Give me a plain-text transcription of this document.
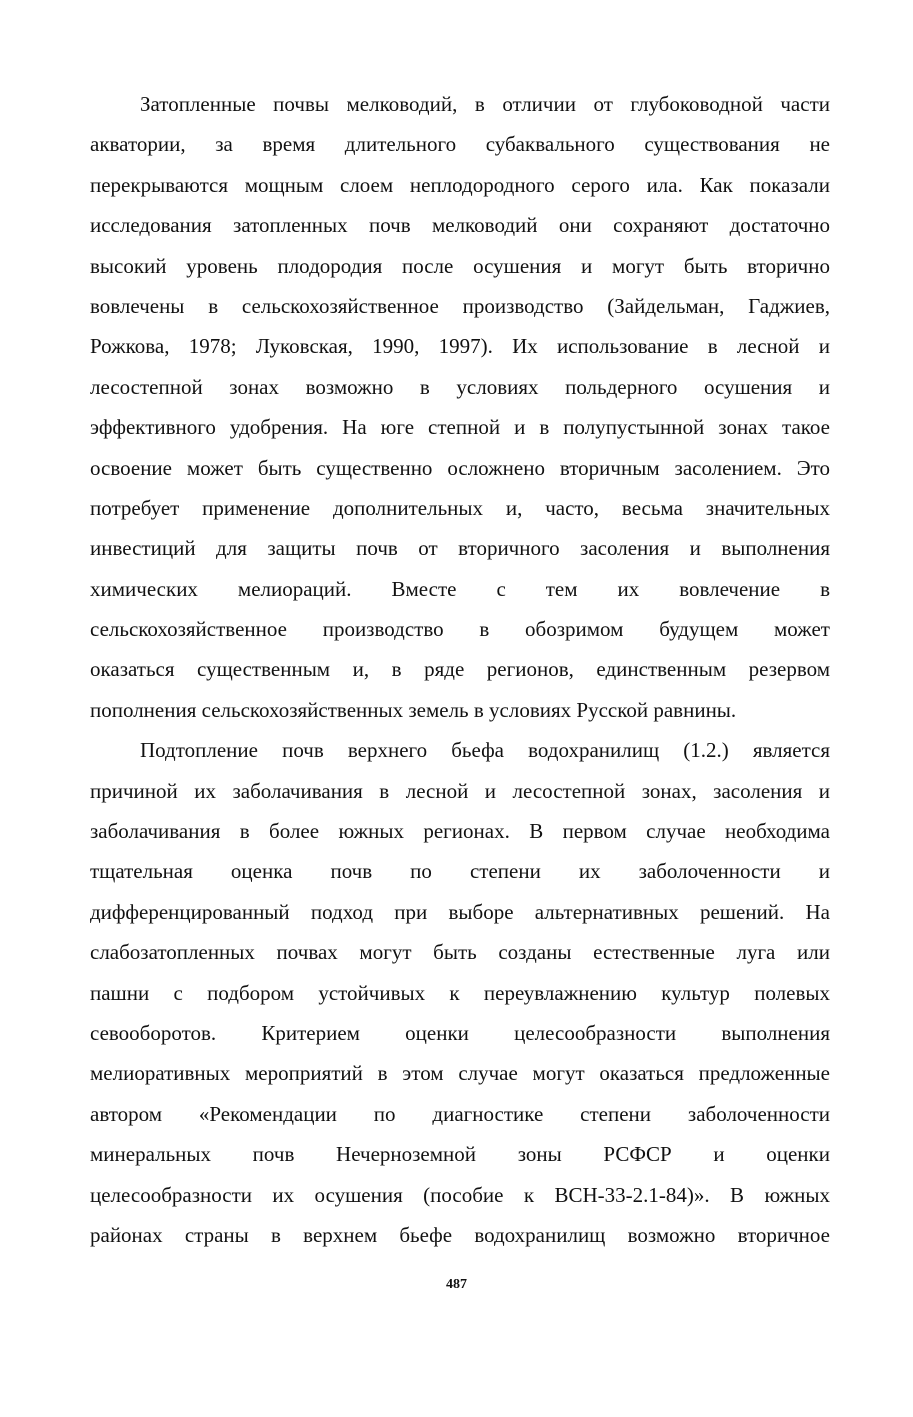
Затопленные почвы мелководий, в отличии от глубоководной части
акватории, за время длительного субаквального существования не
перекрываются мощным слоем неплодородного серого ила. Как показали
исследования затопленных почв мелководий они сохраняют достаточно
высокий уровень плодородия после осушения и могут быть вторично
вовлечены в сельскохозяйственное производство (Зайдельман, Гаджиев,
Рожкова, 1978; Луковская, 1990, 1997). Их использование в лесной и
лесостепной зонах возможно в условиях польдерного осушения и
эффективного удобрения. На юге степной и в полупустынной зонах такое
освоение может быть существенно осложнено вторичным засолением. Это
потребует применение дополнительных и, часто, весьма значительных
инвестиций для защиты почв от вторичного засоления и выполнения
химических мелиораций. Вместе с тем их вовлечение в
сельскохозяйственное производство в обозримом будущем может
оказаться существенным и, в ряде регионов, единственным резервом
пополнения сельскохозяйственных земель в условиях Русской равнины.

Подтопление почв верхнего бьефа водохранилищ (1.2.) является
причиной их заболачивания в лесной и лесостепной зонах, засоления и
заболачивания в более южных регионах. В первом случае необходима
тщательная оценка почв по степени их заболоченности и
дифференцированный подход при выборе альтернативных решений. На
слабозатопленных почвах могут быть созданы естественные луга или
пашни с подбором устойчивых к переувлажнению культур полевых
севооборотов. Критерием оценки целесообразности выполнения
мелиоративных мероприятий в этом случае могут оказаться предложенные
автором «Рекомендации по диагностике степени заболоченности
минеральных почв Нечерноземной зоны РСФСР и оценки
целесообразности их осушения (пособие к ВСН-33-2.1-84)». В южных
районах страны в верхнем бьефе водохранилищ возможно вторичное

487
